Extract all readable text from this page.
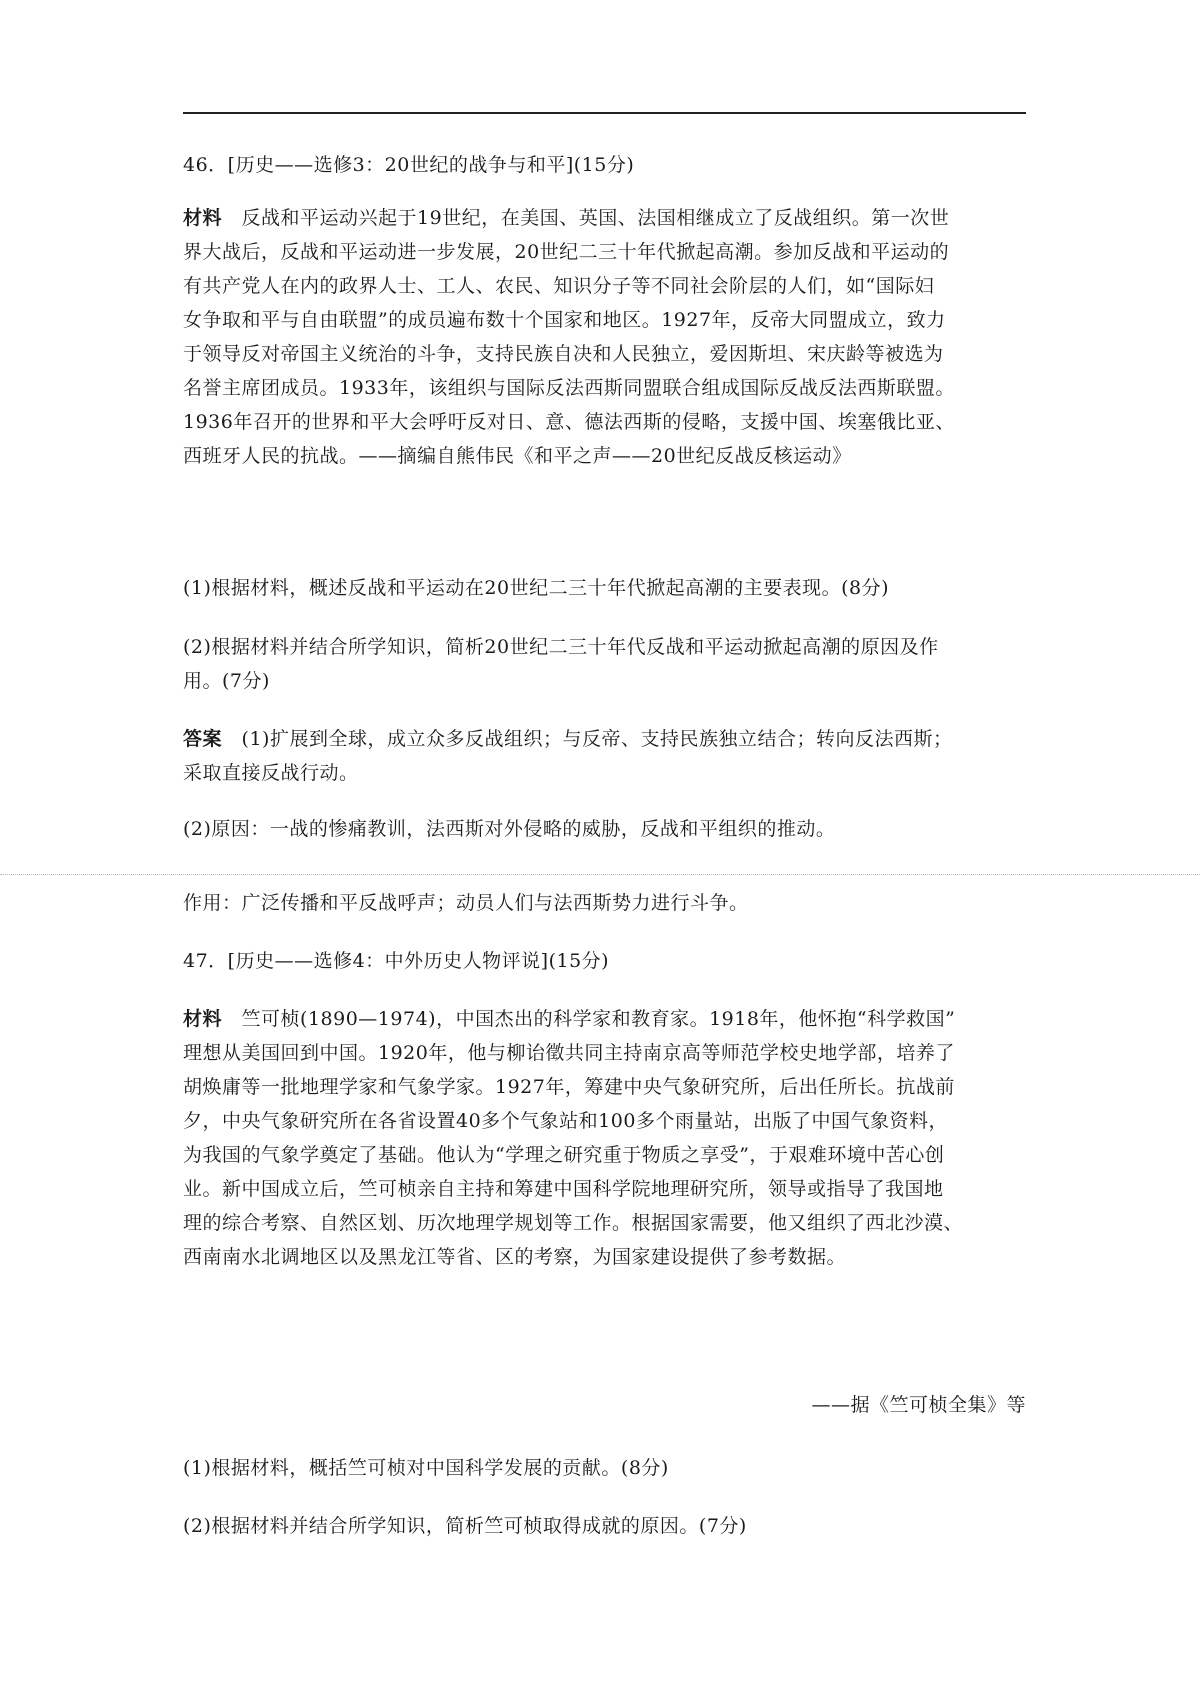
46．[历史——选修3：20世纪的战争与和平](15分)
材料　 反战和平运动兴起于19世纪，在美国、英国、法国相继成立了反战组织。第一次世
界大战后，反战和平运动进一步发展，20世纪二三十年代掀起高潮。参加反战和平运动的
有共产党人在内的政界人士、工人、农民、知识分子等不同社会阶层的人们，如“国际妇
女争取和平与自由联盟”的成员遍布数十个国家和地区。1927年，反帝大同盟成立，致力
于领导反对帝国主义统治的斗争，支持民族自决和人民独立，爱因斯坦、宋庆龄等被选为
名誉主席团成员。1933年，该组织与国际反法西斯同盟联合组成国际反战反法西斯联盟。
1936年召开的世界和平大会呼吁反对日、意、德法西斯的侵略，支援中国、埃塞俄比亚、
西班牙人民的抗战。——摘编自熊伟民《和平之声——20世纪反战反核运动》
(1)根据材料，概述反战和平运动在20世纪二三十年代掀起高潮的主要表现。(8分)
(2)根据材料并结合所学知识，简析20世纪二三十年代反战和平运动掀起高潮的原因及作
用。(7分)
答案　 (1)扩展到全球，成立众多反战组织；与反帝、支持民族独立结合；转向反法西斯；
采取直接反战行动。
(2)原因：一战的惨痛教训，法西斯对外侵略的威胁，反战和平组织的推动。
作用：广泛传播和平反战呼声；动员人们与法西斯势力进行斗争。
47．[历史——选修4：中外历史人物评说](15分)
材料　 竺可桢(1890—1974)，中国杰出的科学家和教育家。1918年，他怀抱“科学救国”
理想从美国回到中国。1920年，他与柳诒徵共同主持南京高等师范学校史地学部，培养了
胡焕庸等一批地理学家和气象学家。1927年，筹建中央气象研究所，后出任所长。抗战前
夕，中央气象研究所在各省设置40多个气象站和100多个雨量站，出版了中国气象资料，
为我国的气象学奠定了基础。他认为“学理之研究重于物质之享受”，于艰难环境中苦心创
业。新中国成立后，竺可桢亲自主持和筹建中国科学院地理研究所，领导或指导了我国地
理的综合考察、自然区划、历次地理学规划等工作。根据国家需要，他又组织了西北沙漠、
西南南水北调地区以及黑龙江等省、区的考察，为国家建设提供了参考数据。
——据《竺可桢全集》等
(1)根据材料，概括竺可桢对中国科学发展的贡献。(8分)
(2)根据材料并结合所学知识，简析竺可桢取得成就的原因。(7分)
